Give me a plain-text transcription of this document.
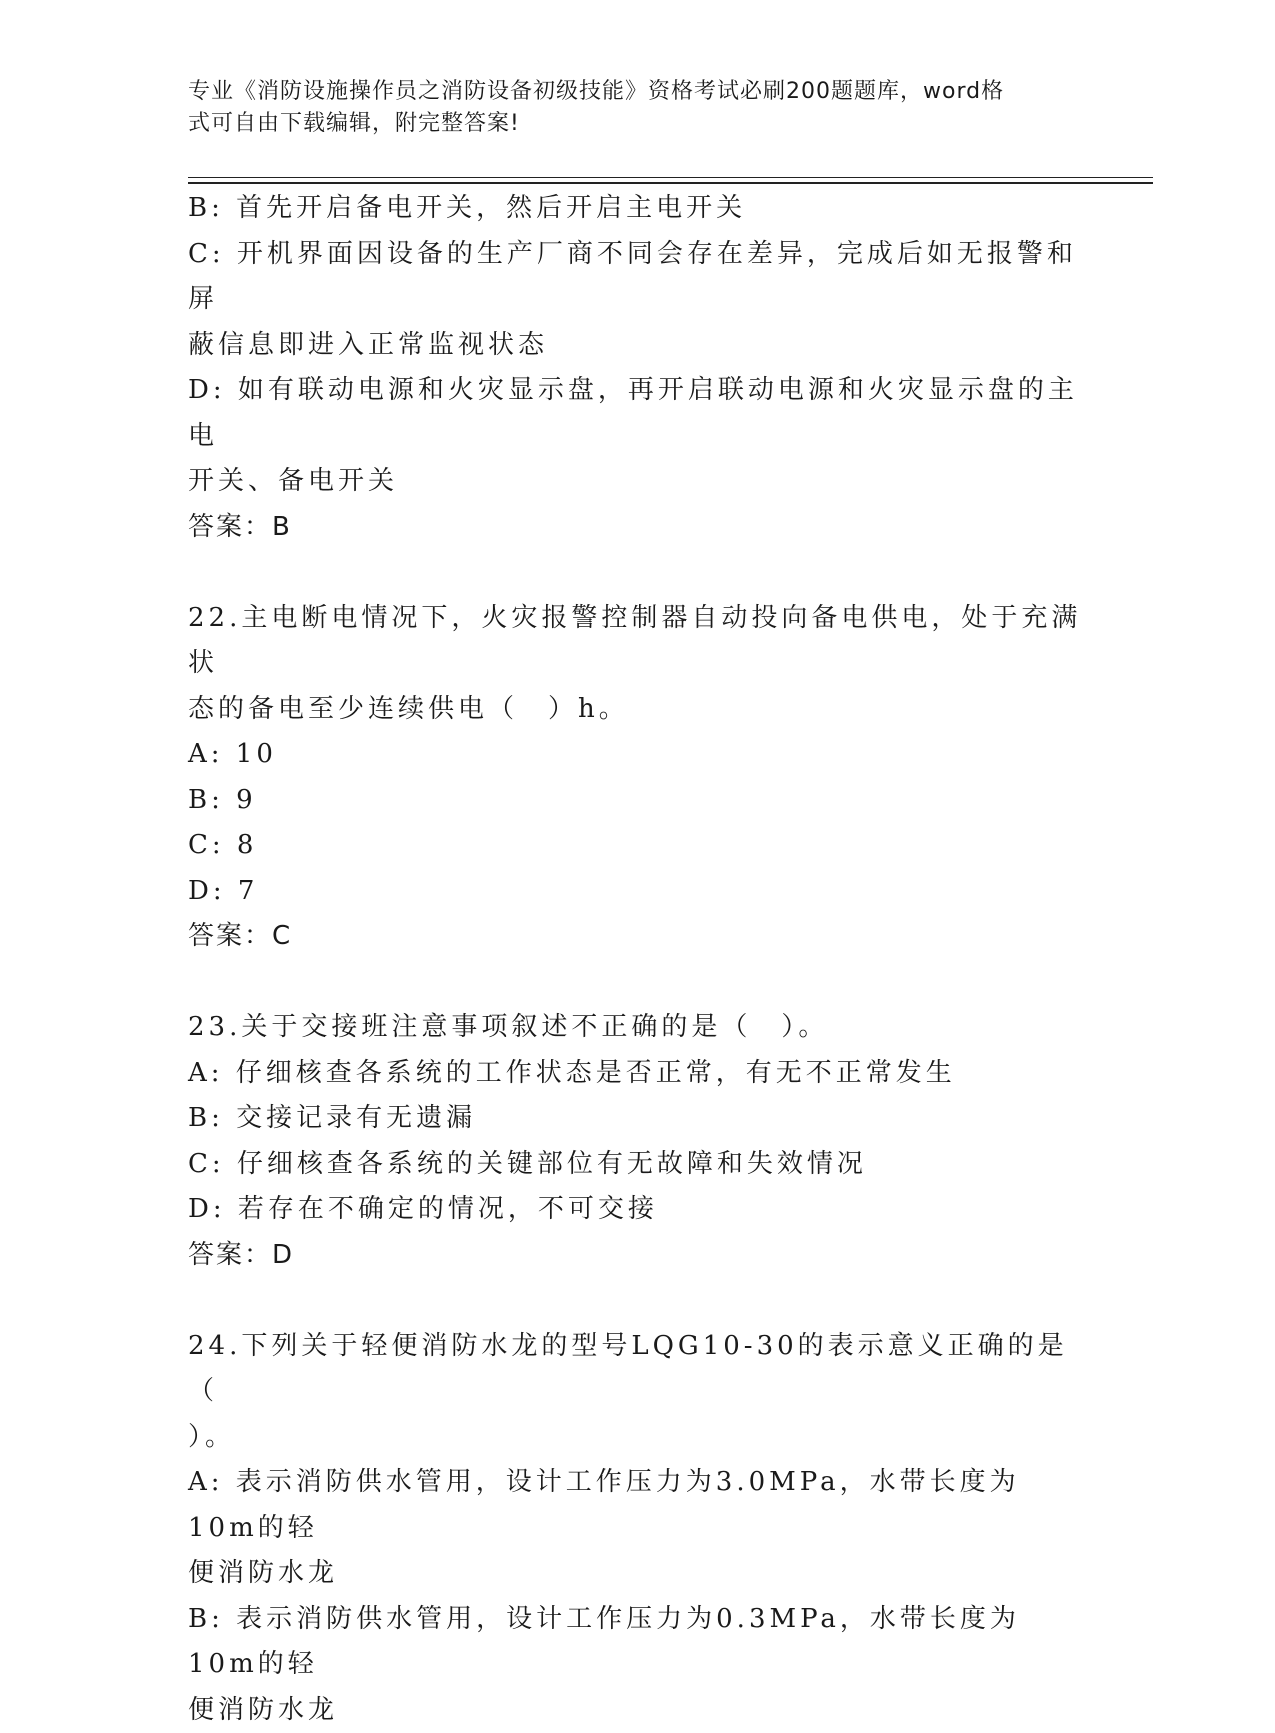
专业《消防设施操作员之消防设备初级技能》资格考试必刷200题题库，word格
式可自由下载编辑，附完整答案!

B: 首先开启备电开关，然后开启主电开关

C: 开机界面因设备的生产厂商不同会存在差异，完成后如无报警和屏

蔽信息即进入正常监视状态

D: 如有联动电源和火灾显示盘，再开启联动电源和火灾显示盘的主电

开关、备电开关

答案：B

22.主电断电情况下，火灾报警控制器自动投向备电供电，处于充满状

态的备电至少连续供电（　）h。

A: 10

B: 9

C: 8

D: 7

答案：C

23.关于交接班注意事项叙述不正确的是（　）。

A: 仔细核查各系统的工作状态是否正常，有无不正常发生

B: 交接记录有无遗漏

C: 仔细核查各系统的关键部位有无故障和失效情况

D: 若存在不确定的情况，不可交接

答案：D

24.下列关于轻便消防水龙的型号LQG10-30的表示意义正确的是（

）。

A: 表示消防供水管用，设计工作压力为3.0MPa，水带长度为10m的轻

便消防水龙

B: 表示消防供水管用，设计工作压力为0.3MPa，水带长度为10m的轻

便消防水龙
